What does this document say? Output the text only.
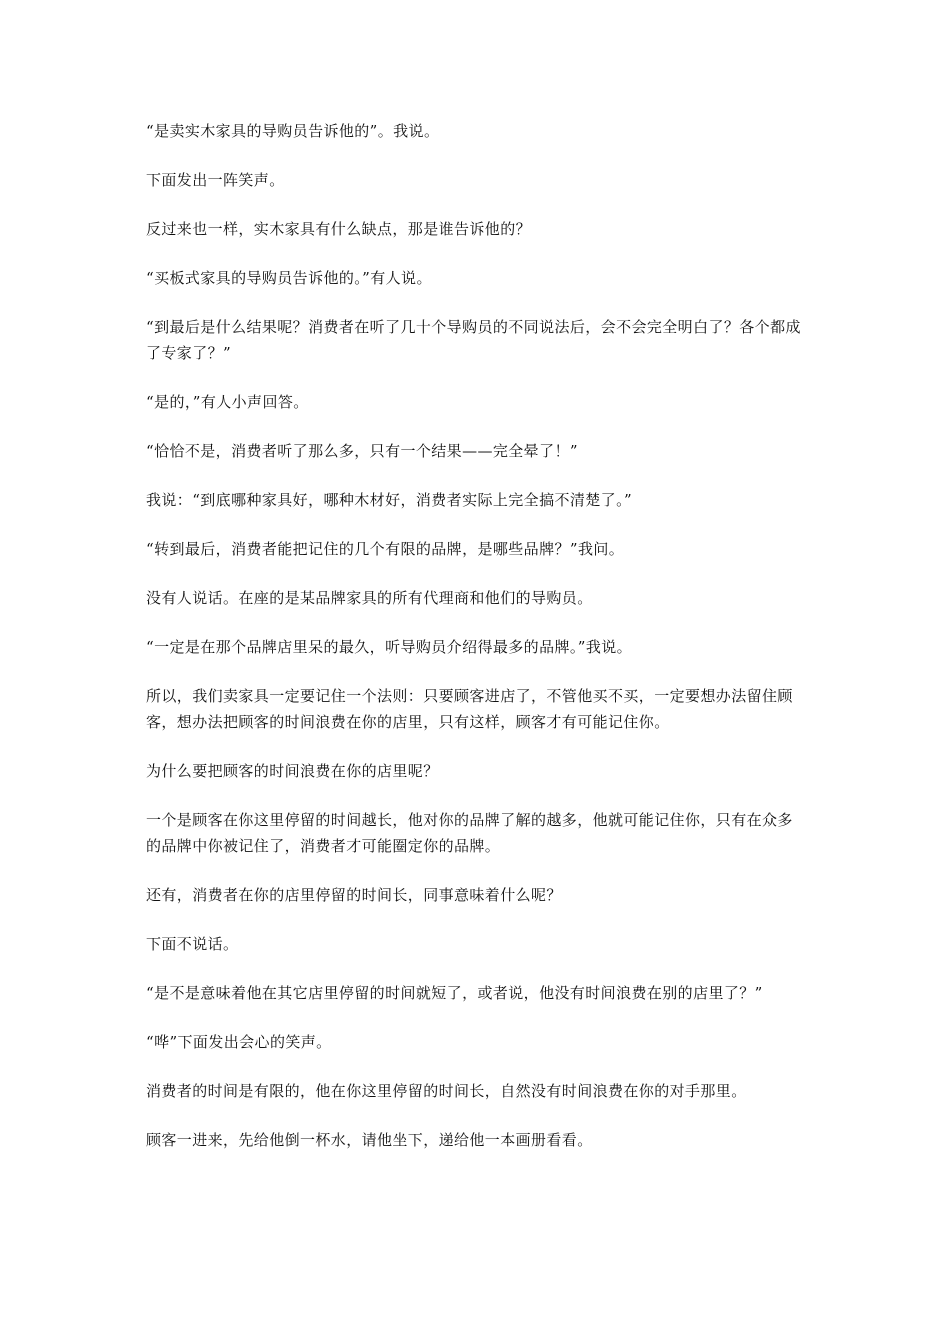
“是卖实木家具的导购员告诉他的”。我说。

下面发出一阵笑声。

反过来也一样，实木家具有什么缺点，那是谁告诉他的？

“买板式家具的导购员告诉他的。”有人说。

“到最后是什么结果呢？消费者在听了几十个导购员的不同说法后，会不会完全明白了？各个都成了专家了？”

“是的，”有人小声回答。

“恰恰不是，消费者听了那么多，只有一个结果——完全晕了！”

我说：“到底哪种家具好，哪种木材好，消费者实际上完全搞不清楚了。”

“转到最后，消费者能把记住的几个有限的品牌，是哪些品牌？”我问。

没有人说话。在座的是某品牌家具的所有代理商和他们的导购员。

“一定是在那个品牌店里呆的最久，听导购员介绍得最多的品牌。”我说。

所以，我们卖家具一定要记住一个法则：只要顾客进店了，不管他买不买，一定要想办法留住顾客，想办法把顾客的时间浪费在你的店里，只有这样，顾客才有可能记住你。

为什么要把顾客的时间浪费在你的店里呢？

一个是顾客在你这里停留的时间越长，他对你的品牌了解的越多，他就可能记住你，只有在众多的品牌中你被记住了，消费者才可能圈定你的品牌。

还有，消费者在你的店里停留的时间长，同事意味着什么呢？

下面不说话。

“是不是意味着他在其它店里停留的时间就短了，或者说，他没有时间浪费在别的店里了？”

“哗”下面发出会心的笑声。

消费者的时间是有限的，他在你这里停留的时间长，自然没有时间浪费在你的对手那里。

顾客一进来，先给他倒一杯水，请他坐下，递给他一本画册看看。
